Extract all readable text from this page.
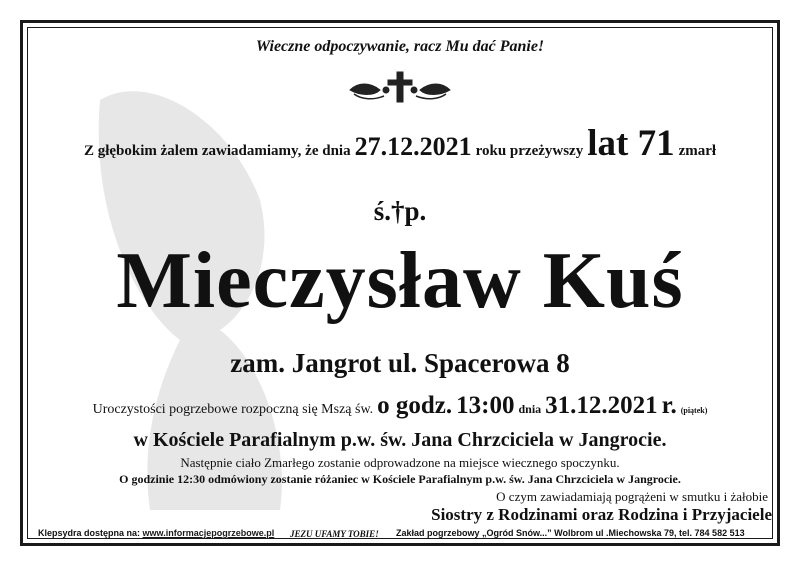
Wieczne odpoczywanie, racz Mu dać Panie!
Z głębokim żalem zawiadamiamy, że dnia 27.12.2021 roku przeżywszy lat 71 zmarł
ś.†p.
Mieczysław Kuś
zam. Jangrot ul. Spacerowa 8
Uroczystości pogrzebowe rozpoczną się Mszą św. o godz. 13:00 dnia 31.12.2021 r. (piątek)
w Kościele Parafialnym p.w. św. Jana Chrzciciela w Jangrocie.
Następnie ciało Zmarłego zostanie odprowadzone na miejsce wiecznego spoczynku.
O godzinie 12:30 odmówiony zostanie różaniec w Kościele Parafialnym p.w. św. Jana Chrzciciela w Jangrocie.
O czym zawiadamiają pogrążeni w smutku i żałobie
Siostry z Rodzinami oraz Rodzina i Przyjaciele
Klepsydra dostępna na: www.informacjepogrzebowe.pl JEZU UFAMY TOBIE! Zakład pogrzebowy „Ogród Snów...” Wolbrom ul .Miechowska 79, tel. 784 582 513
